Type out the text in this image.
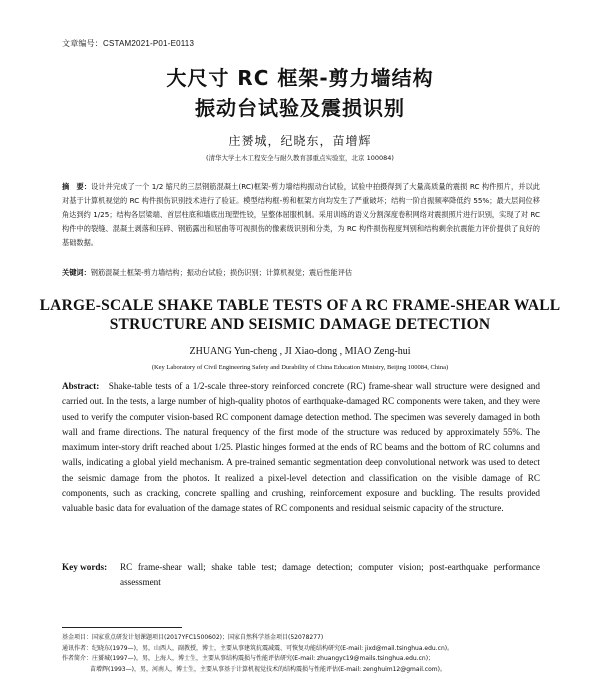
文章编号：CSTAM2021-P01-E0113
大尺寸 RC 框架-剪力墙结构
振动台试验及震损识别
庄赟城，纪晓东，苗增辉
(清华大学土木工程安全与耐久教育部重点实验室，北京 100084)
摘　要：设计并完成了一个 1/2 缩尺的三层钢筋混凝土(RC)框架-剪力墙结构振动台试验，试验中拍摄得到了大量高质量的震损 RC 构件照片，并以此对基于计算机视觉的 RC 构件损伤识别技术进行了验证。模型结构框-剪和框架方向均发生了严重破坏；结构一阶自振频率降低约 55%；最大层间位移角达到约 1/25；结构各层梁端、首层柱底和墙底出现塑性铰，呈整体屈服机制。采用训练的语义分割深度卷积网络对震损照片进行识别，实现了对 RC 构件中的裂缝、混凝土剥落和压碎、钢筋露出和屈曲等可视损伤的像素级识别和分类，为 RC 构件损伤程度判别和结构剩余抗震能力评价提供了良好的基础数据。
关键词：钢筋混凝土框架-剪力墙结构；振动台试验；损伤识别；计算机视觉；震后性能评估
LARGE-SCALE SHAKE TABLE TESTS OF A RC FRAME-SHEAR WALL
STRUCTURE AND SEISMIC DAMAGE DETECTION
ZHUANG Yun-cheng , JI Xiao-dong , MIAO Zeng-hui
(Key Laboratory of Civil Engineering Safety and Durability of China Education Ministry, Beijing 100084, China)
Abstract: Shake-table tests of a 1/2-scale three-story reinforced concrete (RC) frame-shear wall structure were designed and carried out. In the tests, a large number of high-quality photos of earthquake-damaged RC components were taken, and they were used to verify the computer vision-based RC component damage detection method. The specimen was severely damaged in both wall and frame directions. The natural frequency of the first mode of the structure was reduced by approximately 55%. The maximum inter-story drift reached about 1/25. Plastic hinges formed at the ends of RC beams and the bottom of RC columns and walls, indicating a global yield mechanism. A pre-trained semantic segmentation deep convolutional network was used to detect the seismic damage from the photos. It realized a pixel-level detection and classification on the visible damage of RC components, such as cracking, concrete spalling and crushing, reinforcement exposure and buckling. The results provided valuable basic data for evaluation of the damage states of RC components and residual seismic capacity of the structure.
Key words:	RC frame-shear wall; shake table test; damage detection; computer vision; post-earthquake performance assessment
基金项目：国家重点研发计划课题项目(2017YFC1500602)；国家自然科学基金项目(52078277)
通讯作者：纪晓东(1979—)，男，山西人，副教授，博士，主要从事建筑抗震减震、可恢复功能结构研究(E-mail: jixd@mail.tsinghua.edu.cn)。
作者简介：庄赟城(1997—)，男，上海人，博士生，主要从事结构震损与性能评估研究(E-mail: zhuangyc19@mails.tsinghua.edu.cn)；
苗增辉(1993—)，男，河南人，博士生，主要从事基于计算机视觉技术的结构震损与性能评估(E-mail: zenghuim12@gmail.com)。
